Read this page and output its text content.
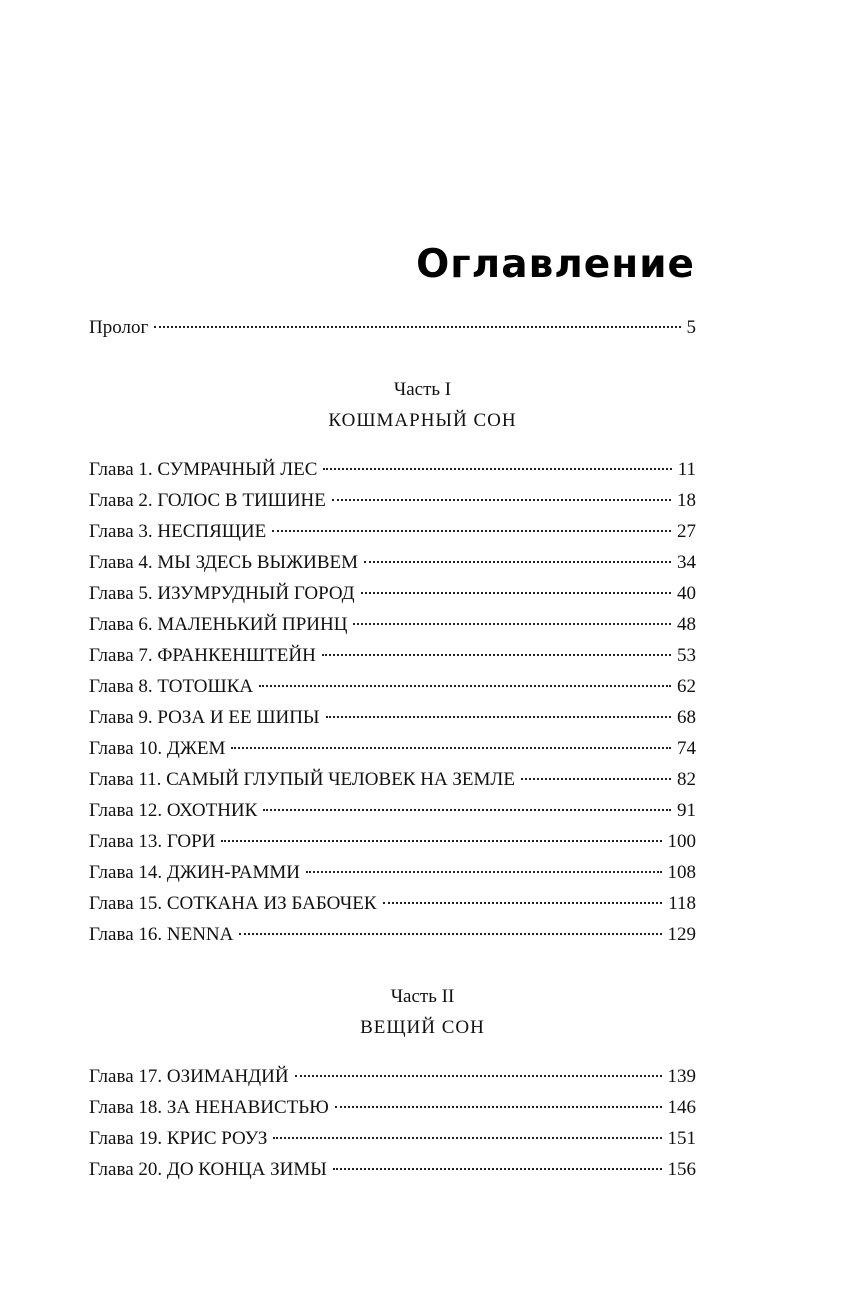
Оглавление
Пролог	5
Часть I
КОШМАРНЫЙ СОН
Глава 1. СУМРАЧНЫЙ ЛЕС	11
Глава 2. ГОЛОС В ТИШИНЕ	18
Глава 3. НЕСПЯЩИЕ	27
Глава 4. МЫ ЗДЕСЬ ВЫЖИВЕМ	34
Глава 5. ИЗУМРУДНЫЙ ГОРОД	40
Глава 6. МАЛЕНЬКИЙ ПРИНЦ	48
Глава 7. ФРАНКЕНШТЕЙН	53
Глава 8. ТОТОШКА	62
Глава 9. РОЗА И ЕЕ ШИПЫ	68
Глава 10. ДЖЕМ	74
Глава 11. САМЫЙ ГЛУПЫЙ ЧЕЛОВЕК НА ЗЕМЛЕ	82
Глава 12. ОХОТНИК	91
Глава 13. ГОРИ	100
Глава 14. ДЖИН-РАММИ	108
Глава 15. СОТКАНА ИЗ БАБОЧЕК	118
Глава 16. NENNA	129
Часть II
ВЕЩИЙ СОН
Глава 17. ОЗИМАНДИЙ	139
Глава 18. ЗА НЕНАВИСТЬЮ	146
Глава 19. КРИС РОУЗ	151
Глава 20. ДО КОНЦА ЗИМЫ	156
